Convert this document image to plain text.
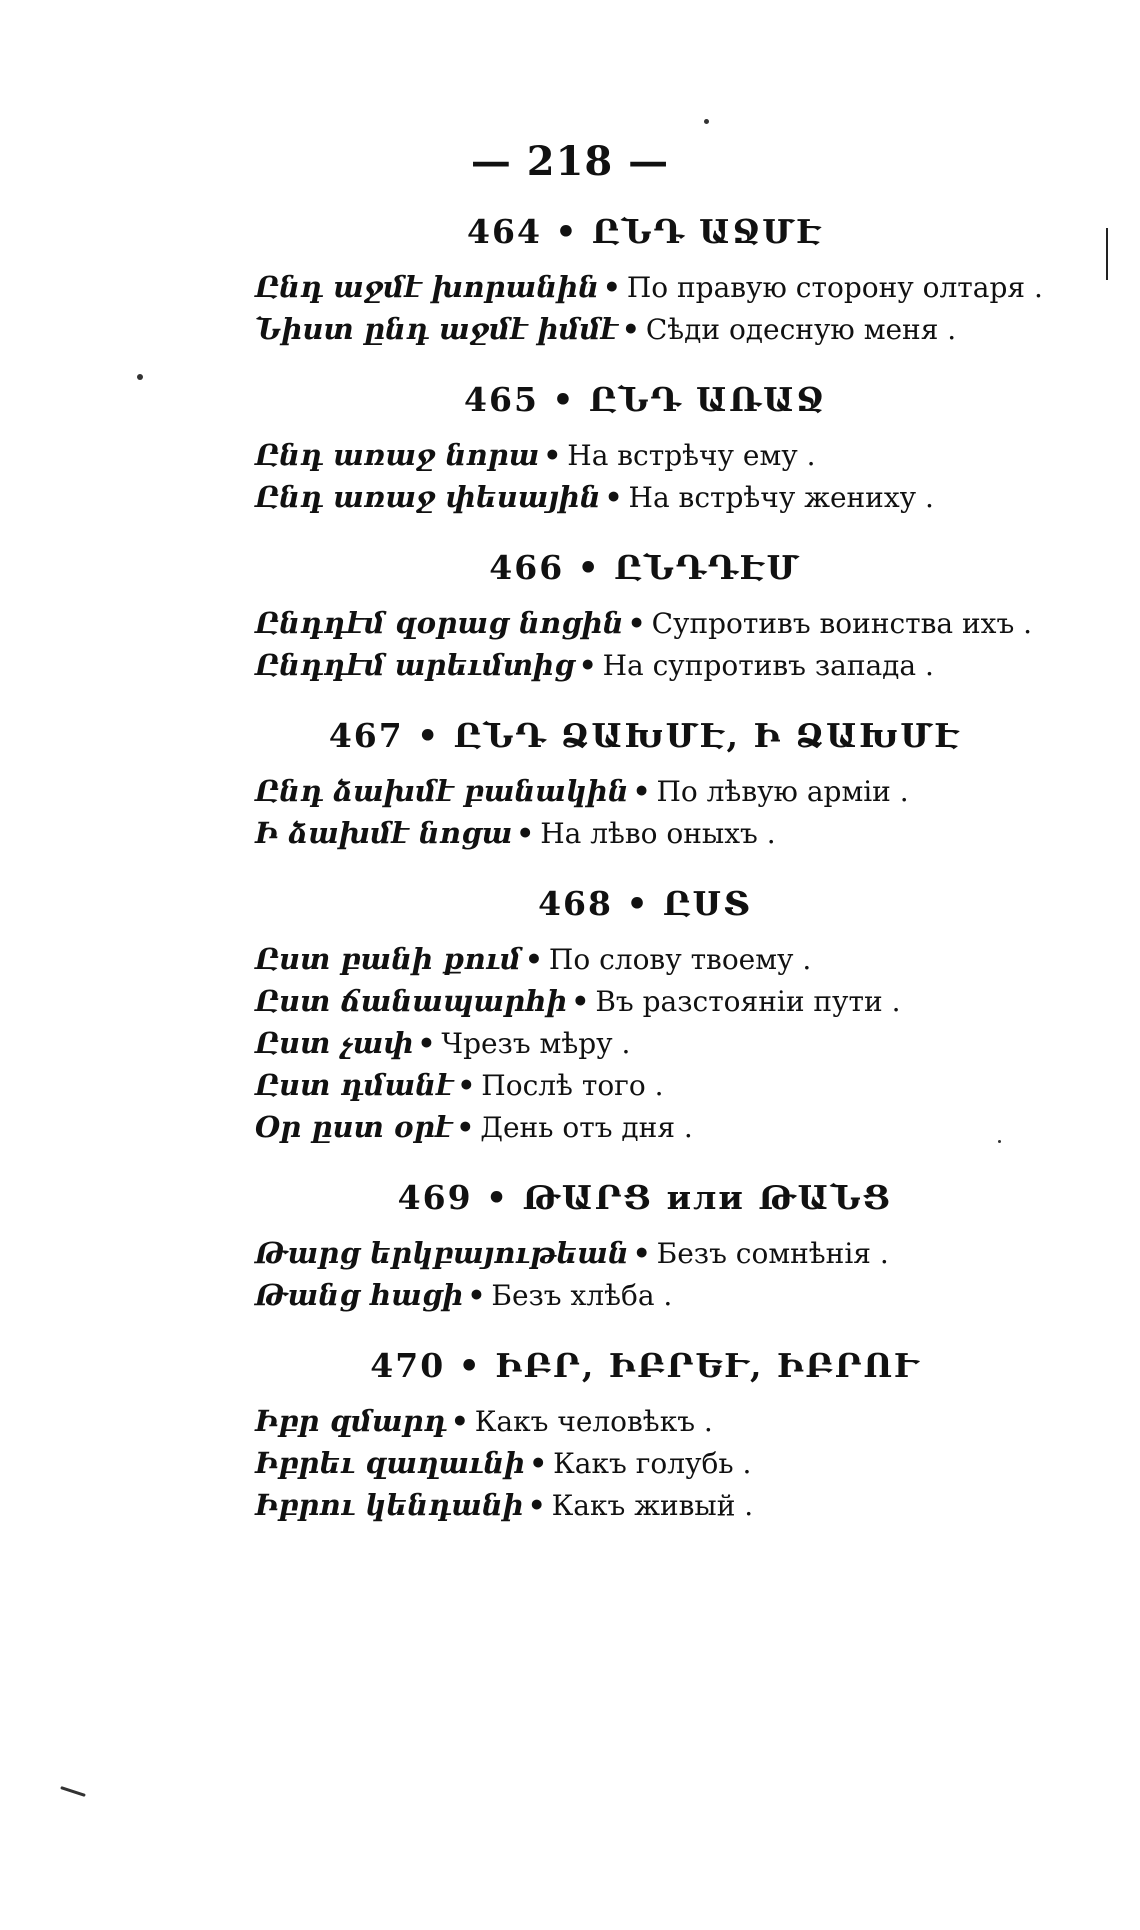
— 218 —
464 • ԸՆԴ ԱՋՄԷ
Ընդ աջմէ խորանին • По правую сторону олтаря .
Նիստ ընդ աջմէ իմմէ • Сѣди одесную меня .
465 • ԸՆԴ ԱՌԱՋ
Ընդ առաջ նորա • На встрѣчу ему .
Ընդ առաջ փեսային • На встрѣчу жениху .
466 • ԸՆԴԴԷՄ
Ընդդէմ զօրաց նոցին • Супротивъ воинства ихъ .
Ընդդէմ արեւմտից • На супротивъ запада .
467 • ԸՆԴ ՁԱԽՄԷ, Ի ՁԱԽՄԷ
Ընդ ձախմէ բանակին • По лѣвую арміи .
Ի ձախմէ նոցա • На лѣво оныхъ .
468 • ԸՍՏ
Ըստ բանի քում • По слову твоему .
Ըստ ճանապարհի • Въ разстояніи пути .
Ըստ չափ • Чрезъ мѣру .
Ըստ դմանէ • Послѣ того .
Օր ըստ օրէ • День отъ дня .
469 • ԹԱՐՑ или ԹԱՆՑ
Թարց երկբայութեան • Безъ сомнѣнія .
Թանց հացի • Безъ хлѣба .
470 • ԻԲՐ, ԻԲՐԵՒ, ԻԲՐՈՒ
Իբր զմարդ • Какъ человѣкъ .
Իբրեւ զաղաւնի • Какъ голубь .
Իբրու կենդանի • Какъ живый .
